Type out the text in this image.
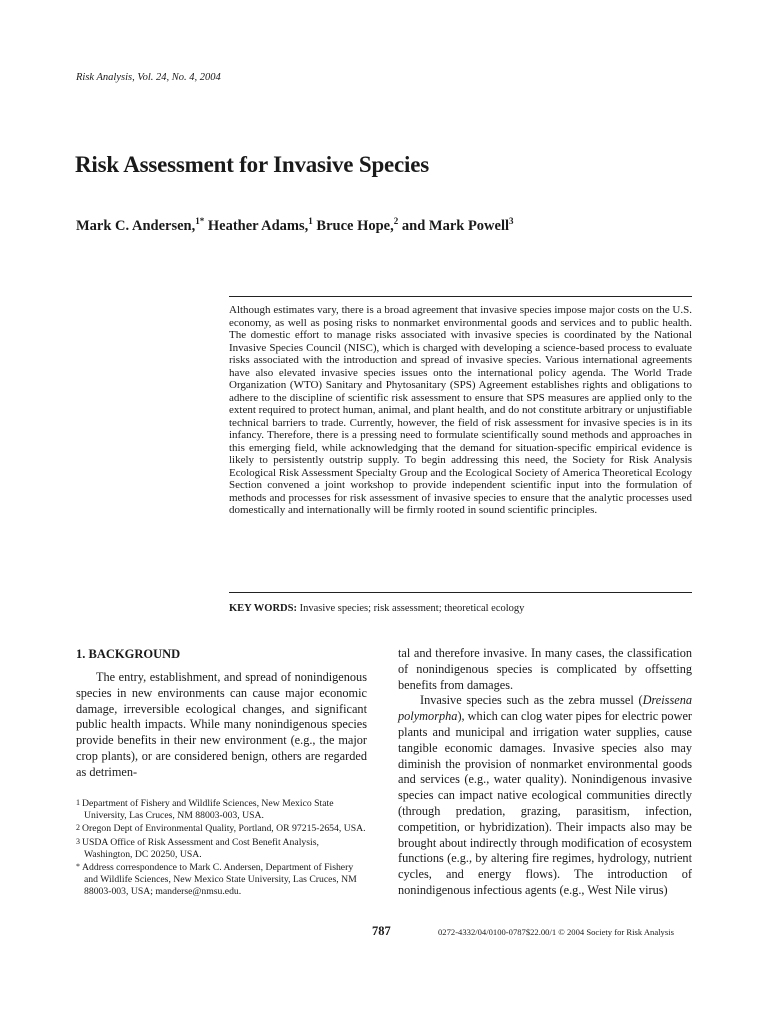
Risk Analysis, Vol. 24, No. 4, 2004
Risk Assessment for Invasive Species
Mark C. Andersen,$^{1*}$ Heather Adams,$^1$ Bruce Hope,$^2$ and Mark Powell$^3$

Although estimates vary, there is a broad agreement that invasive species impose major costs on the U.S. economy, as well as posing risks to nonmarket environmental goods and services and to public health. The domestic effort to manage risks associated with invasive species is coordinated by the National Invasive Species Council (NISC), which is charged with developing a science-based process to evaluate risks associated with the introduction and spread of invasive species. Various international agreements have also elevated invasive species issues onto the international policy agenda. The World Trade Organization (WTO) Sanitary and Phytosanitary (SPS) Agreement establishes rights and obligations to adhere to the discipline of scientific risk assessment to ensure that SPS measures are applied only to the extent required to protect human, animal, and plant health, and do not constitute arbitrary or unjustifiable technical barriers to trade. Currently, however, the field of risk assessment for invasive species is in its infancy. Therefore, there is a pressing need to formulate scientifically sound methods and approaches in this emerging field, while acknowledging that the demand for situation-specific empirical evidence is likely to persistently outstrip supply. To begin addressing this need, the Society for Risk Analysis Ecological Risk Assessment Specialty Group and the Ecological Society of America Theoretical Ecology Section convened a joint workshop to provide independent scientific input into the formulation of methods and processes for risk assessment of invasive species to ensure that the analytic processes used domestically and internationally will be firmly rooted in sound scientific principles.

KEY WORDS: Invasive species; risk assessment; theoretical ecology
1. BACKGROUND

The entry, establishment, and spread of nonindigenous species in new environments can cause major economic damage, irreversible ecological changes, and significant public health impacts. While many nonindigenous species provide benefits in their new environment (e.g., the major crop plants), or are considered benign, others are regarded as detrimen-

tal and therefore invasive. In many cases, the classification of nonindigenous species is complicated by offsetting benefits from damages.
Invasive species such as the zebra mussel (Dreissena polymorpha), which can clog water pipes for electric power plants and municipal and irrigation water supplies, cause tangible economic damages. Invasive species also may diminish the provision of nonmarket environmental goods and services (e.g., water quality). Nonindigenous invasive species can impact native ecological communities directly (through predation, grazing, parasitism, infection, competition, or hybridization). Their impacts also may be brought about indirectly through modification of ecosystem functions (e.g., by altering fire regimes, hydrology, nutrient cycles, and energy flows). The introduction of nonindigenous infectious agents (e.g., West Nile virus)
1 Department of Fishery and Wildlife Sciences, New Mexico State University, Las Cruces, NM 88003-003, USA.
2 Oregon Dept of Environmental Quality, Portland, OR 97215-2654, USA.
3 USDA Office of Risk Assessment and Cost Benefit Analysis, Washington, DC 20250, USA.
* Address correspondence to Mark C. Andersen, Department of Fishery and Wildlife Sciences, New Mexico State University, Las Cruces, NM 88003-003, USA; manderse@nmsu.edu.
787	0272-4332/04/0100-0787$22.00/1 © 2004 Society for Risk Analysis
